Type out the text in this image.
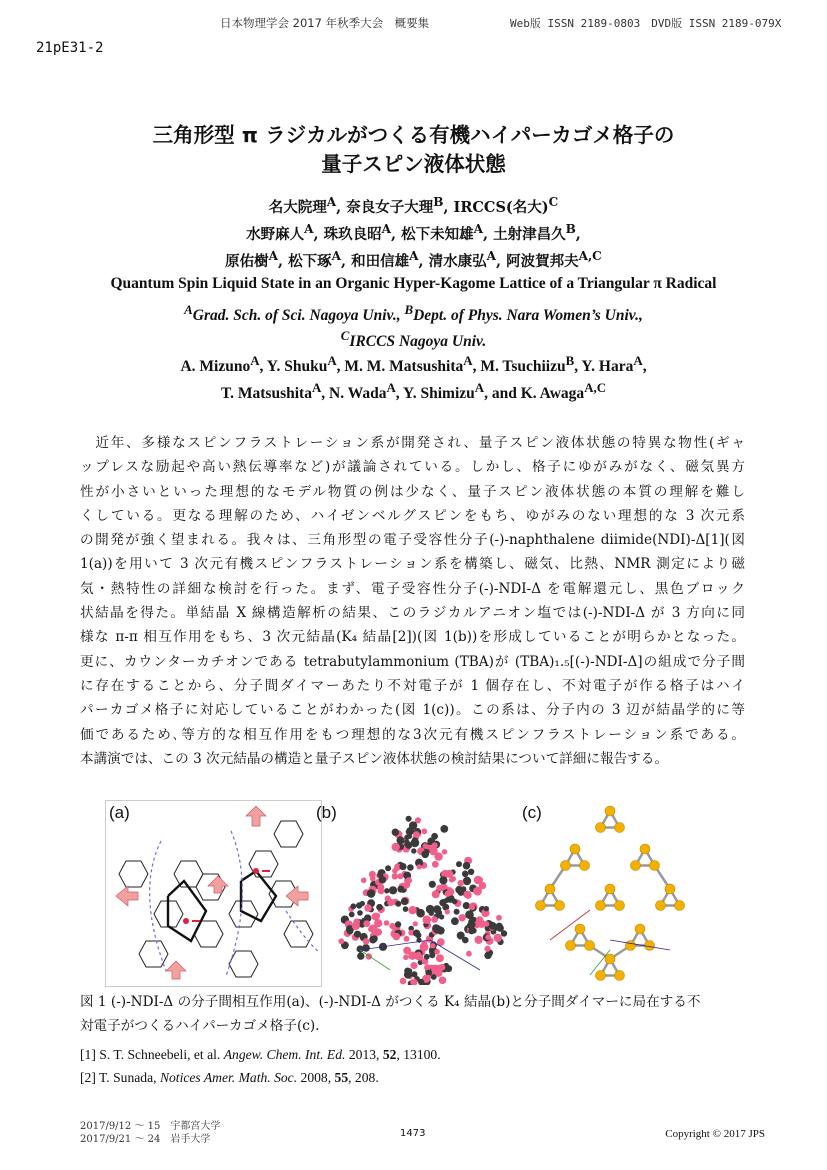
日本物理学会 2017 年秋季大会　概要集	Web版 ISSN 2189-0803　DVD版 ISSN 2189-079X
21pE31-2
三角形型 π ラジカルがつくる有機ハイパーカゴメ格子の
量子スピン液体状態
名大院理$^A$, 奈良女子大理$^B$, IRCCS(名大)$^C$
水野麻人$^A$, 珠玖良昭$^A$, 松下未知雄$^A$, 土射津昌久$^B$,
原佑樹$^A$, 松下琢$^A$, 和田信雄$^A$, 清水康弘$^A$, 阿波賀邦夫$^{A,C}$
Quantum Spin Liquid State in an Organic Hyper-Kagome Lattice of a Triangular π Radical
$^A$Grad. Sch. of Sci. Nagoya Univ., $^B$Dept. of Phys. Nara Women’s Univ.,
$^C$IRCCS Nagoya Univ.
A. Mizuno$^A$, Y. Shuku$^A$, M. M. Matsushita$^A$, M. Tsuchiizu$^B$, Y. Hara$^A$,
T. Matsushita$^A$, N. Wada$^A$, Y. Shimizu$^A$, and K. Awaga$^{A,C}$
　近年、多様なスピンフラストレーション系が開発され、量子スピン液体状態の特異な物性(ギャ
ップレスな励起や高い熱伝導率など)が議論されている。しかし、格子にゆがみがなく、磁気異方
性が小さいといった理想的なモデル物質の例は少なく、量子スピン液体状態の本質の理解を難し
くしている。更なる理解のため、ハイゼンベルグスピンをもち、ゆがみのない理想的な 3 次元系
の開発が強く望まれる。我々は、三角形型の電子受容性分子(-)-naphthalene diimide(NDI)-Δ[1](図
1(a))を用いて 3 次元有機スピンフラストレーション系を構築し、磁気、比熱、NMR 測定により磁
気・熱特性の詳細な検討を行った。まず、電子受容性分子(-)-NDI-Δ を電解還元し、黒色ブロック
状結晶を得た。単結晶 X 線構造解析の結果、このラジカルアニオン塩では(-)-NDI-Δ が 3 方向に同
様な π-π 相互作用をもち、3 次元結晶(K₄ 結晶[2])(図 1(b))を形成していることが明らかとなった。
更に、カウンターカチオンである tetrabutylammonium (TBA)が (TBA)₁.₅[(-)-NDI-Δ]の組成で分子間
に存在することから、分子間ダイマーあたり不対電子が 1 個存在し、不対電子が作る格子はハイ
パーカゴメ格子に対応していることがわかった(図 1(c))。この系は、分子内の 3 辺が結晶学的に等
価であるため､等方的な相互作用をもつ理想的な3次元有機スピンフラストレーション系である。
本講演では、この 3 次元結晶の構造と量子スピン液体状態の検討結果について詳細に報告する。
(a)	(b)	(c)
図 1 (-)-NDI-Δ の分子間相互作用(a)、(-)-NDI-Δ がつくる K₄ 結晶(b)と分子間ダイマーに局在する不
対電子がつくるハイパーカゴメ格子(c).
[1] S. T. Schneebeli, et al. Angew. Chem. Int. Ed. 2013, 52, 13100.
[2] T. Sunada, Notices Amer. Math. Soc. 2008, 55, 208.
2017/9/12 ～ 15　宇都宮大学
2017/9/21 ～ 24　岩手大学
1473	Copyright © 2017 JPS
